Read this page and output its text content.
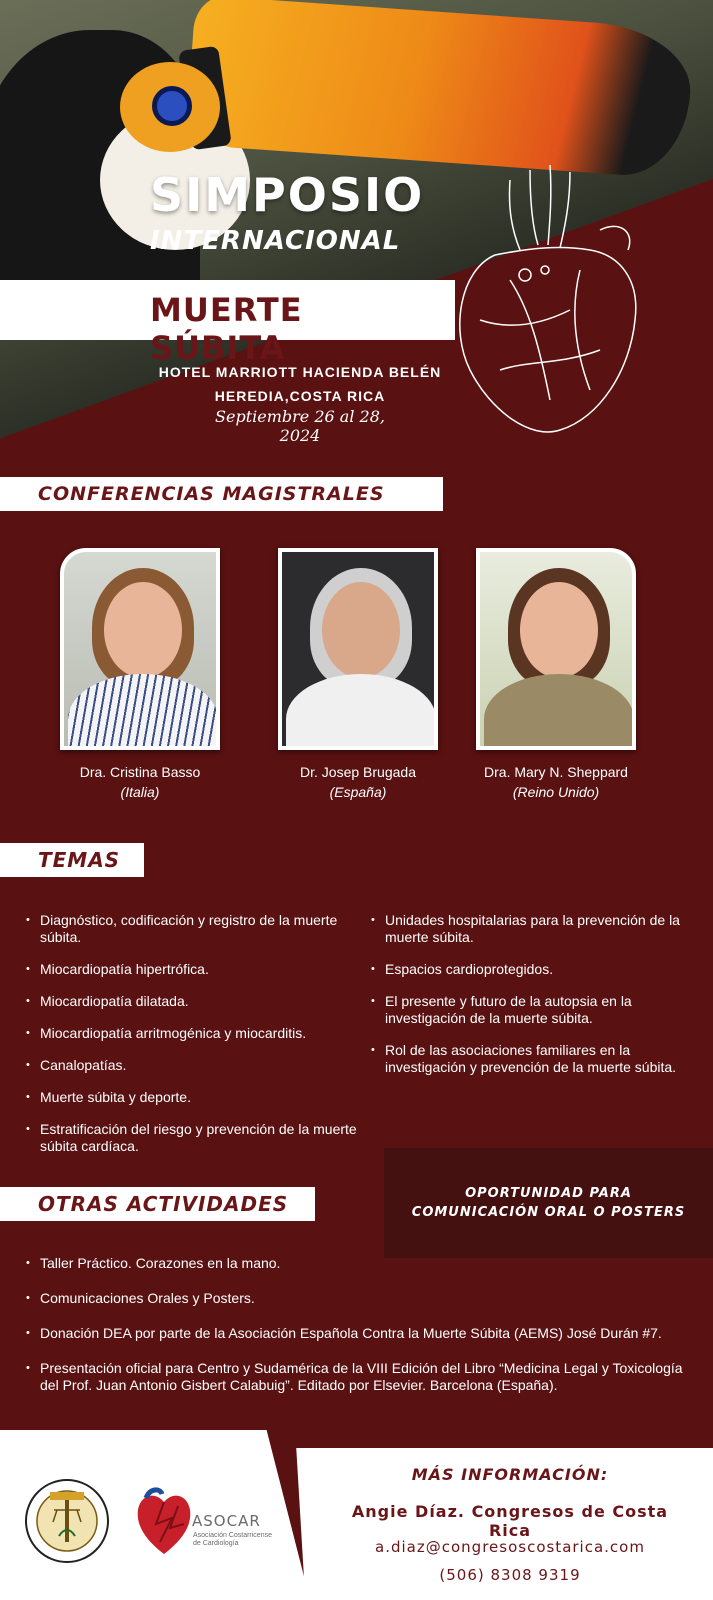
SIMPOSIO
INTERNACIONAL
MUERTE SÚBITA
HOTEL MARRIOTT HACIENDA BELÉN
HEREDIA,COSTA RICA
Septiembre 26 al 28, 2024
CONFERENCIAS MAGISTRALES
Dra. Cristina Basso
(Italia)
Dr. Josep Brugada
(España)
Dra. Mary N. Sheppard
(Reino Unido)
TEMAS
• Diagnóstico, codificación y registro de la muerte súbita.
• Miocardiopatía hipertrófica.
• Miocardiopatía dilatada.
• Miocardiopatía arritmogénica y miocarditis.
• Canalopatías.
• Muerte súbita y deporte.
• Estratificación del riesgo y prevención de la muerte súbita cardíaca.
• Unidades hospitalarias para la prevención de la muerte súbita.
• Espacios cardioprotegidos.
• El presente y futuro de la autopsia en la investigación de la muerte súbita.
• Rol de las asociaciones familiares en la investigación y prevención de la muerte súbita.
OPORTUNIDAD PARA COMUNICACIÓN ORAL O POSTERS
OTRAS ACTIVIDADES
• Taller Práctico. Corazones en la mano.
• Comunicaciones Orales y Posters.
• Donación DEA por parte de la Asociación Española Contra la Muerte Súbita (AEMS) José Durán #7.
• Presentación oficial para Centro y Sudamérica de la VIII Edición del Libro “Medicina Legal y Toxicología del Prof. Juan Antonio Gisbert Calabuig”. Editado por Elsevier. Barcelona (España).
ASOCAR
Asociación Costarricense de Cardiología
MÁS INFORMACIÓN:
Angie Díaz. Congresos de Costa Rica
a.diaz@congresoscostarica.com
(506) 8308 9319
